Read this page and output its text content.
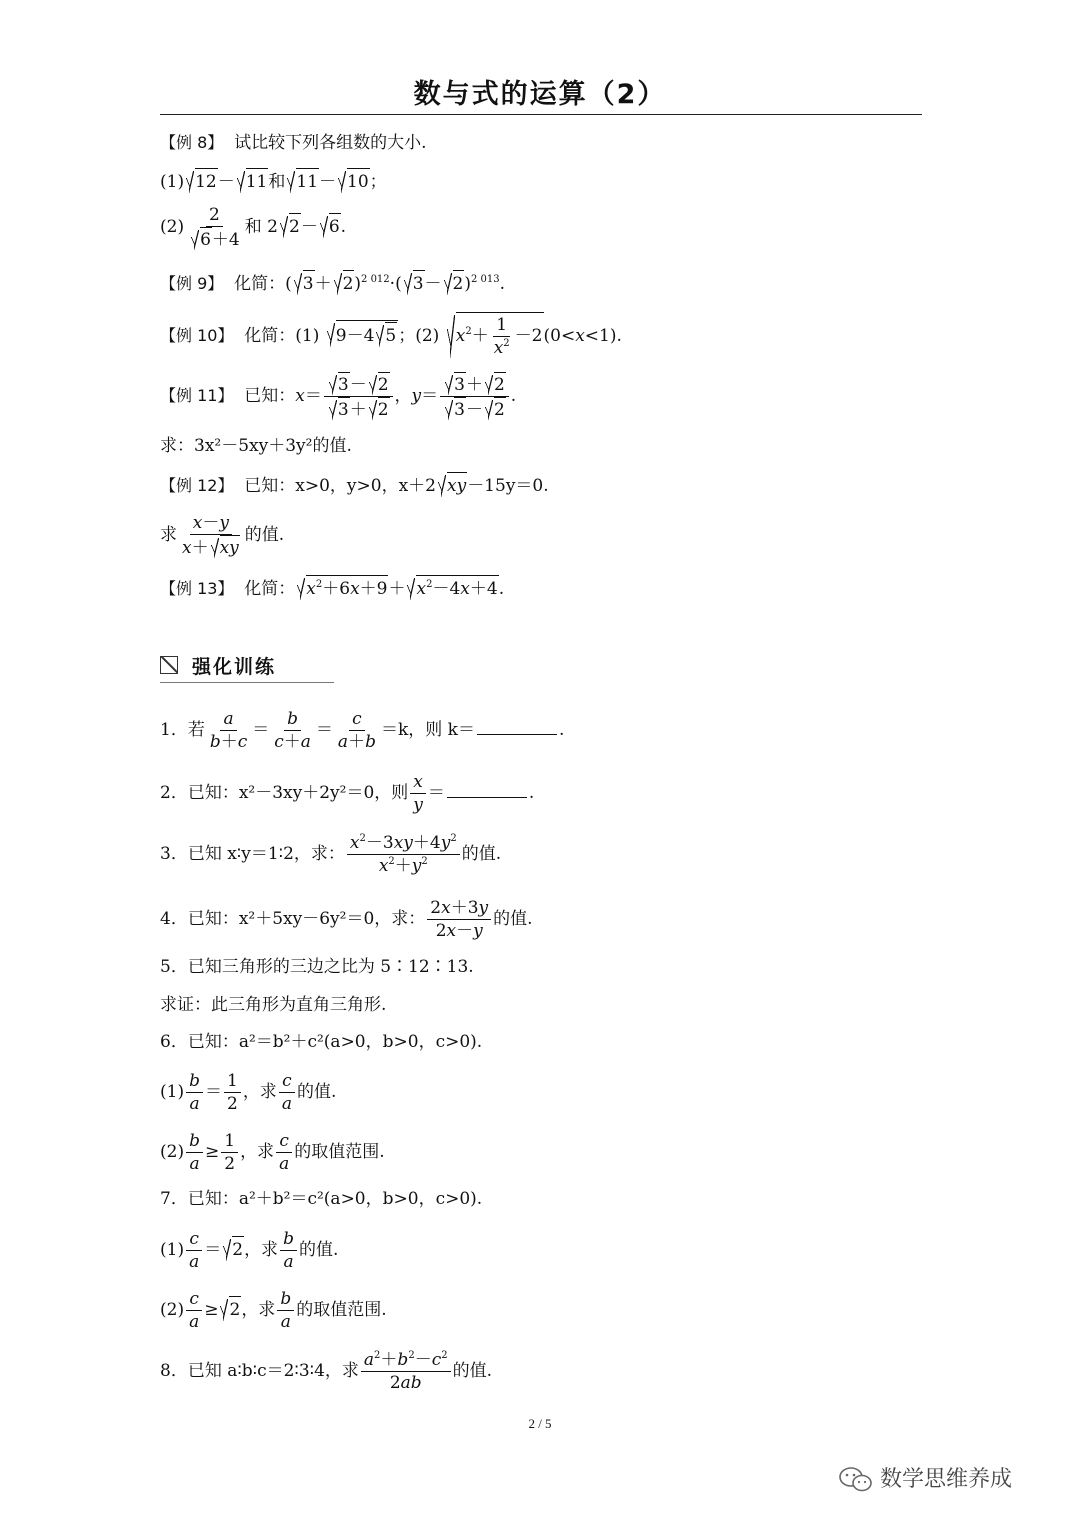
数与式的运算（2）
【例 8】 试比较下列各组数的大小.
(1) 12－ 11和 11－ 10；
$(2) \frac{2}{6+4}$ 和 2 2－ 6.
【例 9】 化简：( 3＋ 2)$^{2 012}$·( 3－ 2)$^{2 013}$.
【例 10】 化简：(1) 9－4 5 ；(2) $x^2+ \frac{1}{x^2} -2(0<x<1)$.
【例 11】 已知：$x= \frac{3- 2}{3+ 2}$ ，$y= \frac{3+ 2}{3- 2}$ .
求：3x²－5xy＋3y²的值.
【例 12】 已知：x>0，y>0，x＋2 xy－15y＝0.
求 $\frac{x-y}{x+ xy}$ 的值.
【例 13】 化简： $x^2+6x+9+ x^2-4x+4$.
强化训练
1．若 $\frac{a}{b+c} = \frac{b}{c+a} = \frac{c}{a+b} =k$，则 k＝	.
2．已知：x²－3xy＋2y²＝0，则 $\frac{x}{y}$ ＝	.
3．已知 x∶y＝1∶2，求： $\frac{x^2-3xy+4y^2}{x^2+y^2}$ 的值.
4．已知：x²＋5xy－6y²＝0，求： $\frac{2x+3y}{2x-y}$ 的值.
5．已知三角形的三边之比为 5∶12∶13.
求证：此三角形为直角三角形.
6．已知：a²＝b²＋c²(a>0，b>0，c>0).
$(1) \frac{b}{a} = \frac{1}{2}$ ，求 $\frac{c}{a}$ 的值.
$(2) \frac{b}{a} \ge \frac{1}{2}$ ，求 $\frac{c}{a}$ 的取值范围.
7．已知：a²＋b²＝c²(a>0，b>0，c>0).
$(1) \frac{c}{a} = 2$，求 $\frac{b}{a}$ 的值.
$(2) \frac{c}{a} \ge 2$，求 $\frac{b}{a}$ 的取值范围.
8．已知 a∶b∶c＝2∶3∶4，求 $\frac{a^2+b^2-c^2}{2ab}$ 的值.
2 / 5
数学思维养成
